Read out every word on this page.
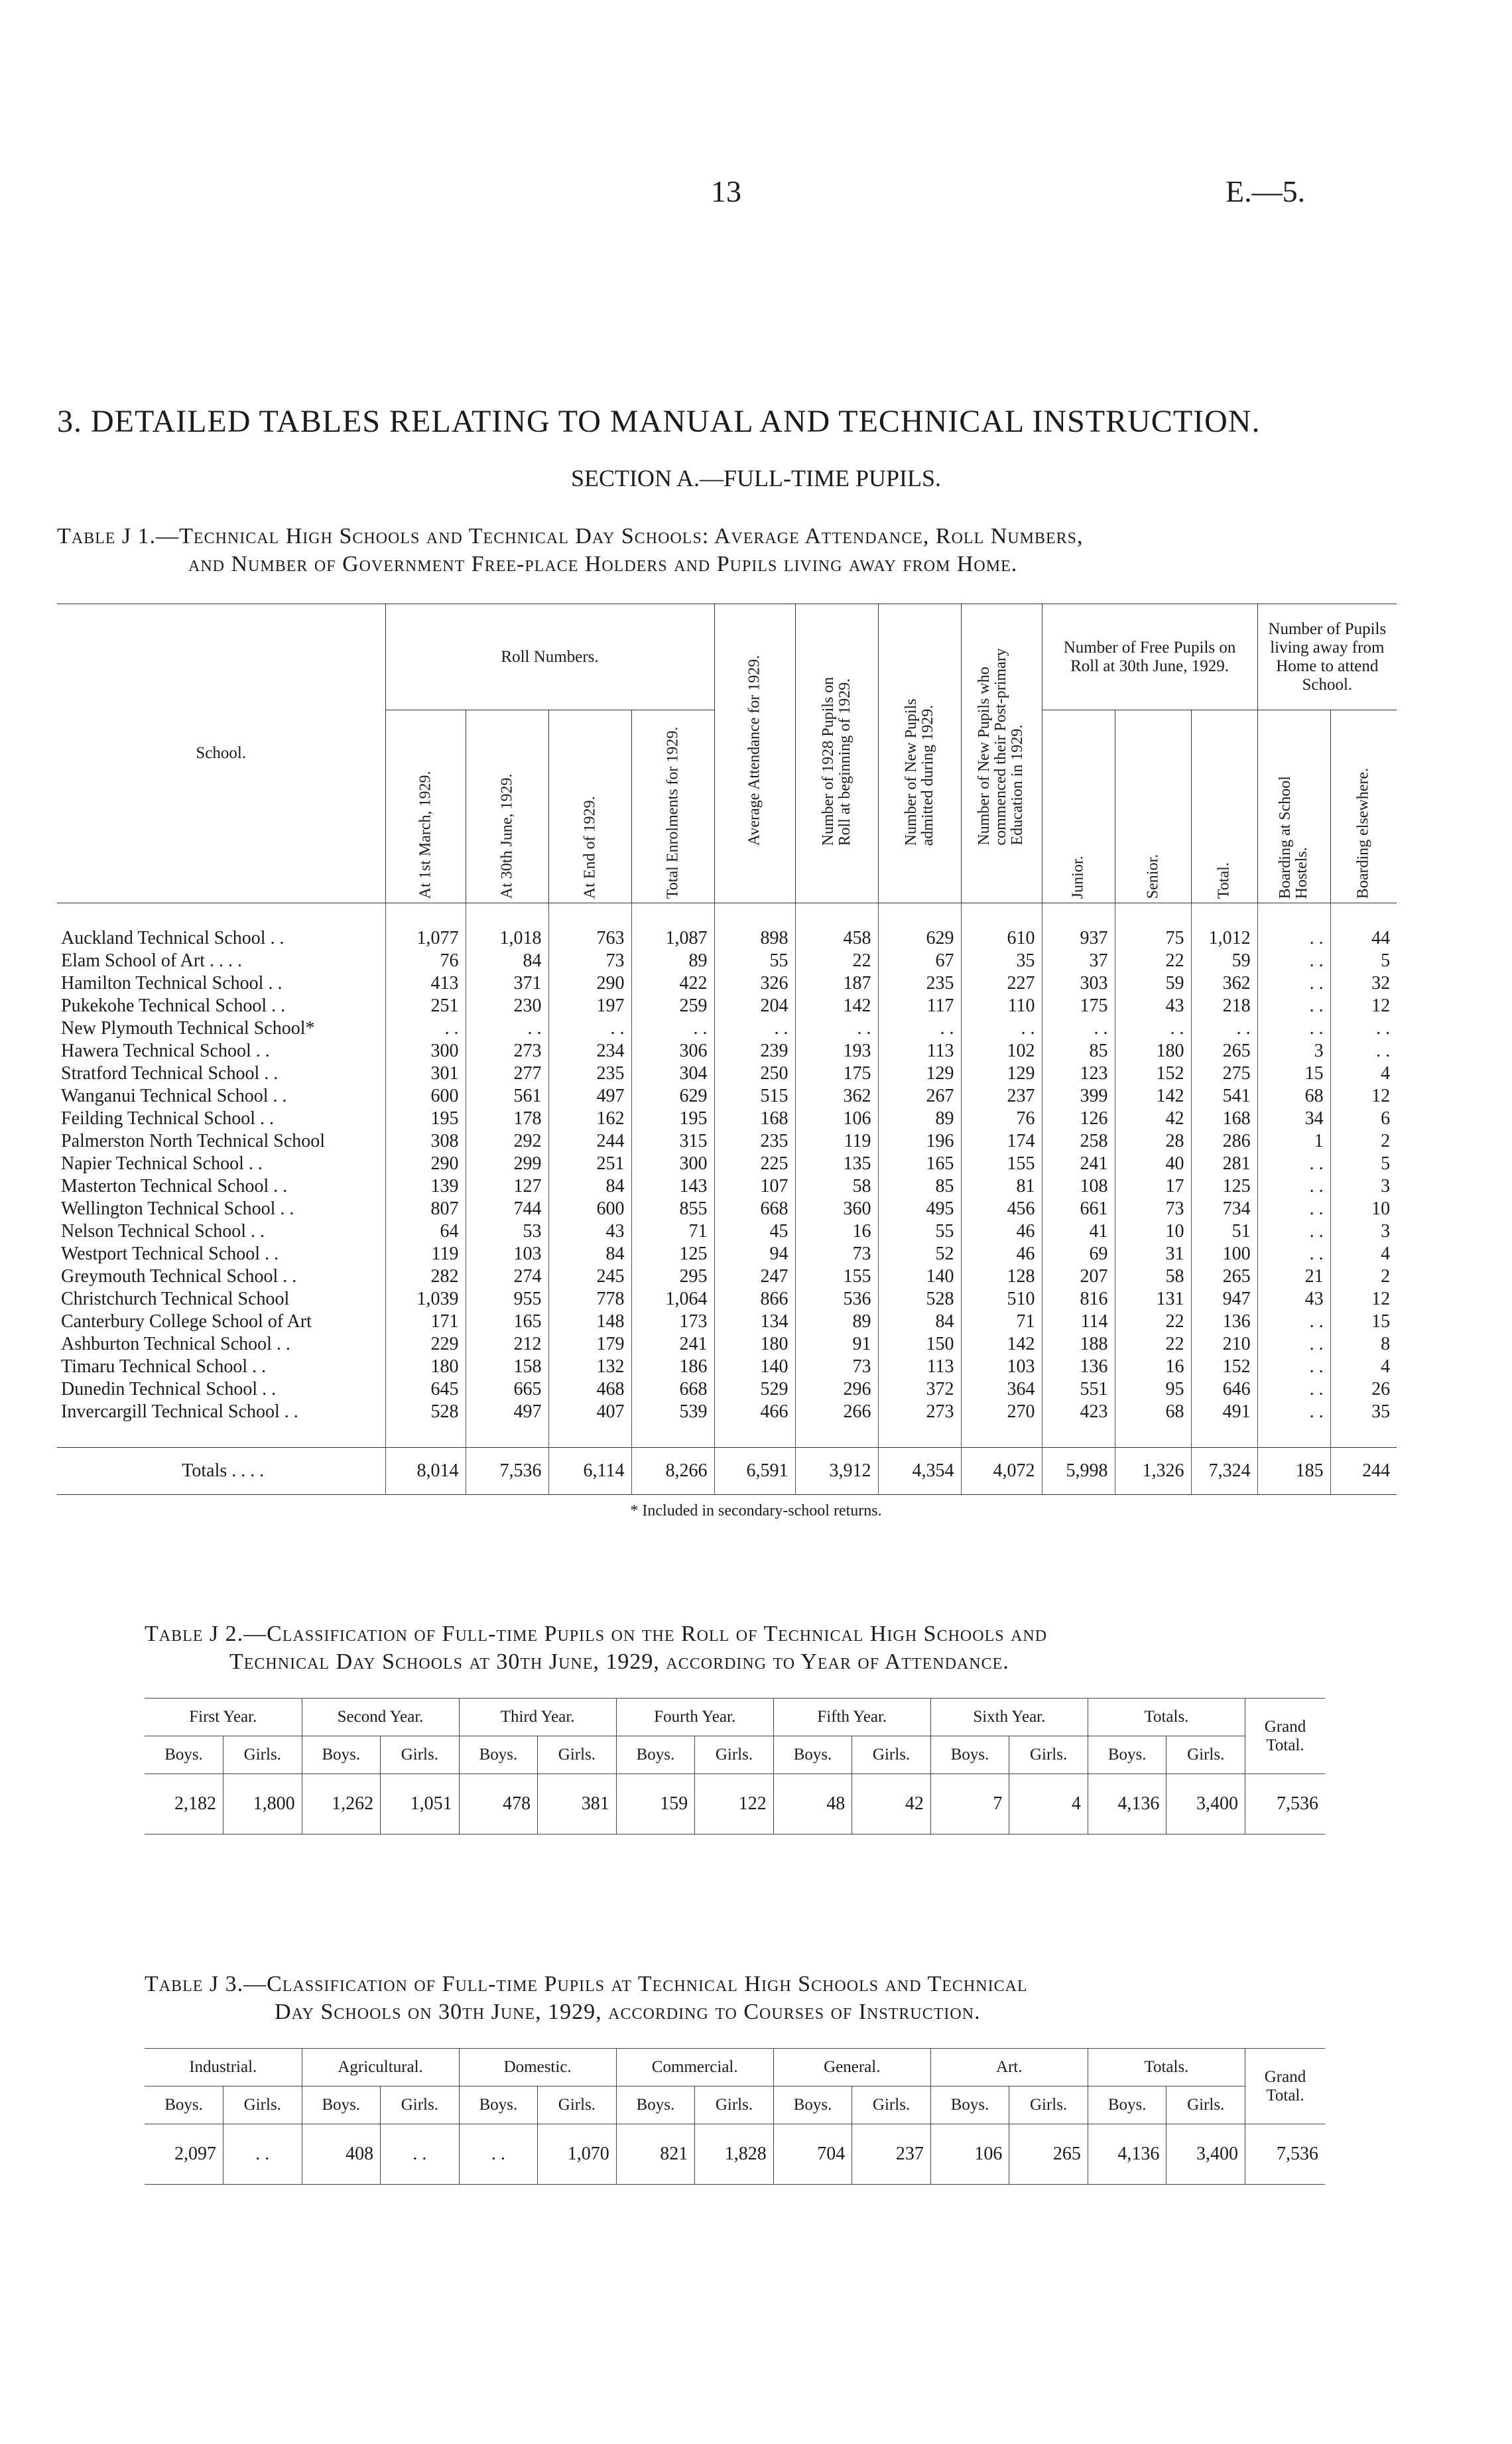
13	E.—5.
3. DETAILED TABLES RELATING TO MANUAL AND TECHNICAL INSTRUCTION.
SECTION A.—FULL-TIME PUPILS.
Table J 1.—Technical High Schools and Technical Day Schools: Average Attendance, Roll Numbers,
and Number of Government Free-place Holders and Pupils living away from Home.
School.	Roll Numbers.				Average Attendance for 1929.	Number of 1928 Pupils on Roll at beginning of 1929.	Number of New Pupils admitted during 1929.	Number of New Pupils who commenced their Post-primary Education in 1929.	Number of Free Pupils on Roll at 30th June, 1929.			Number of Pupils living away from Home to attend School.	

	At 1st March, 1929.	At 30th June, 1929.	At End of 1929.	Total Enrolments for 1929.					Junior.	Senior.	Total.	Boarding at School Hostels.	Boarding elsewhere.

Auckland Technical School . .	1,077	1,018	763	1,087	898	458	629	610	937	75	1,012	. .	44
Elam School of Art . . . .	76	84	73	89	55	22	67	35	37	22	59	. .	5
Hamilton Technical School . .	413	371	290	422	326	187	235	227	303	59	362	. .	32
Pukekohe Technical School . .	251	230	197	259	204	142	117	110	175	43	218	. .	12
New Plymouth Technical School*	. .	. .	. .	. .	. .	. .	. .	. .	. .	. .	. .	. .	. .
Hawera Technical School . .	300	273	234	306	239	193	113	102	85	180	265	3	. .
Stratford Technical School . .	301	277	235	304	250	175	129	129	123	152	275	15	4
Wanganui Technical School . .	600	561	497	629	515	362	267	237	399	142	541	68	12
Feilding Technical School . .	195	178	162	195	168	106	89	76	126	42	168	34	6
Palmerston North Technical School	308	292	244	315	235	119	196	174	258	28	286	1	2
Napier Technical School . .	290	299	251	300	225	135	165	155	241	40	281	. .	5
Masterton Technical School . .	139	127	84	143	107	58	85	81	108	17	125	. .	3
Wellington Technical School . .	807	744	600	855	668	360	495	456	661	73	734	. .	10
Nelson Technical School . .	64	53	43	71	45	16	55	46	41	10	51	. .	3
Westport Technical School . .	119	103	84	125	94	73	52	46	69	31	100	. .	4
Greymouth Technical School . .	282	274	245	295	247	155	140	128	207	58	265	21	2
Christchurch Technical School	1,039	955	778	1,064	866	536	528	510	816	131	947	43	12
Canterbury College School of Art	171	165	148	173	134	89	84	71	114	22	136	. .	15
Ashburton Technical School . .	229	212	179	241	180	91	150	142	188	22	210	. .	8
Timaru Technical School . .	180	158	132	186	140	73	113	103	136	16	152	. .	4
Dunedin Technical School . .	645	665	468	668	529	296	372	364	551	95	646	. .	26
Invercargill Technical School . .	528	497	407	539	466	266	273	270	423	68	491	. .	35

Totals . . . .	8,014	7,536	6,114	8,266	6,591	3,912	4,354	4,072	5,998	1,326	7,324	185	244
* Included in secondary-school returns.
Table J 2.—Classification of Full-time Pupils on the Roll of Technical High Schools and
Technical Day Schools at 30th June, 1929, according to Year of Attendance.
First Year.		Second Year.		Third Year.		Fourth Year.		Fifth Year.		Sixth Year.		Totals.		Grand Total.
Boys.	Girls.	Boys.	Girls.	Boys.	Girls.	Boys.	Girls.	Boys.	Girls.	Boys.	Girls.	Boys.	Girls.	
2,182	1,800	1,262	1,051	478	381	159	122	48	42	7	4	4,136	3,400	7,536
Table J 3.—Classification of Full-time Pupils at Technical High Schools and Technical
Day Schools on 30th June, 1929, according to Courses of Instruction.
Industrial.		Agricultural.		Domestic.		Commercial.		General.		Art.		Totals.		Grand Total.
Boys.	Girls.	Boys.	Girls.	Boys.	Girls.	Boys.	Girls.	Boys.	Girls.	Boys.	Girls.	Boys.	Girls.	
2,097	. .	408	. .	. .	1,070	821	1,828	704	237	106	265	4,136	3,400	7,536
